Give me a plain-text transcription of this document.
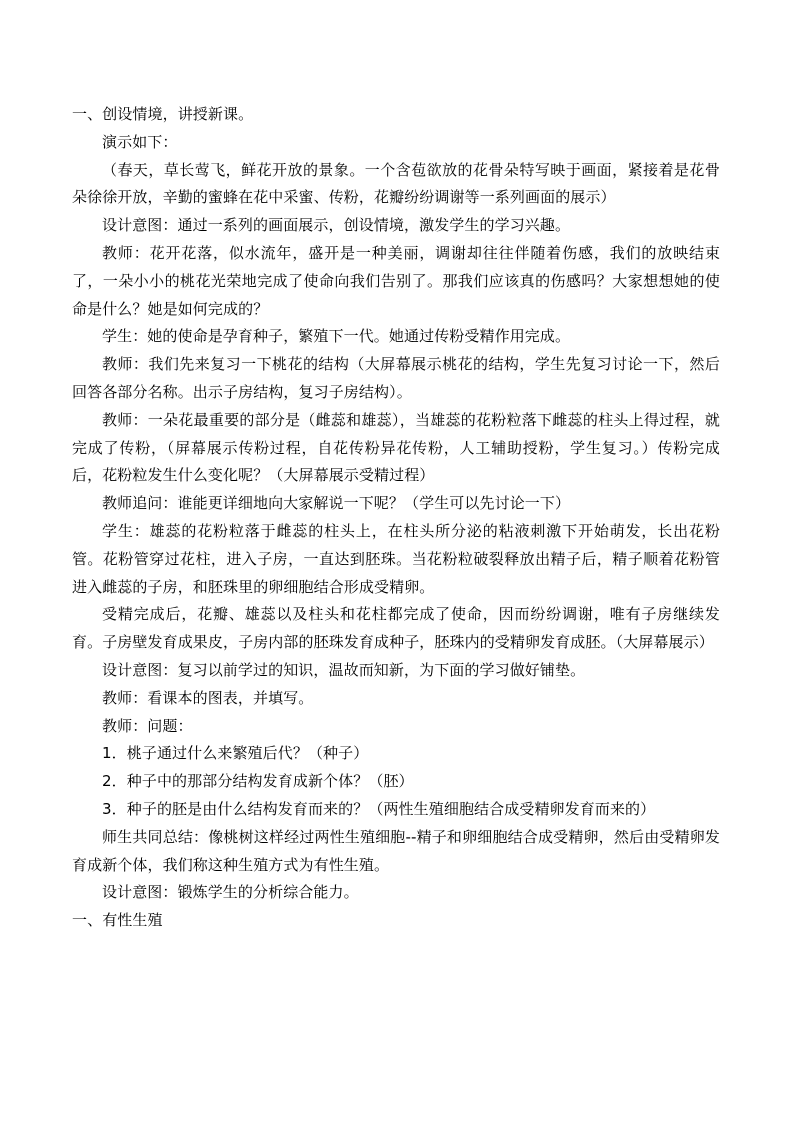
一、创设情境，讲授新课。

演示如下：

（春天，草长莺飞，鲜花开放的景象。一个含苞欲放的花骨朵特写映于画面，紧接着是花骨朵徐徐开放，辛勤的蜜蜂在花中采蜜、传粉，花瓣纷纷调谢等一系列画面的展示）

设计意图：通过一系列的画面展示，创设情境，激发学生的学习兴趣。

教师：花开花落，似水流年，盛开是一种美丽，调谢却往往伴随着伤感，我们的放映结束了，一朵小小的桃花光荣地完成了使命向我们告别了。那我们应该真的伤感吗？大家想想她的使命是什么？她是如何完成的？

学生：她的使命是孕育种子，繁殖下一代。她通过传粉受精作用完成。

教师：我们先来复习一下桃花的结构（大屏幕展示桃花的结构，学生先复习讨论一下，然后回答各部分名称。出示子房结构，复习子房结构）。

教师：一朵花最重要的部分是（雌蕊和雄蕊），当雄蕊的花粉粒落下雌蕊的柱头上得过程，就完成了传粉，（屏幕展示传粉过程，自花传粉异花传粉，人工辅助授粉，学生复习。）传粉完成后，花粉粒发生什么变化呢？（大屏幕展示受精过程）

教师追问：谁能更详细地向大家解说一下呢？（学生可以先讨论一下）

学生：雄蕊的花粉粒落于雌蕊的柱头上，在柱头所分泌的粘液刺激下开始萌发，长出花粉管。花粉管穿过花柱，进入子房，一直达到胚珠。当花粉粒破裂释放出精子后，精子顺着花粉管进入雌蕊的子房，和胚珠里的卵细胞结合形成受精卵。

受精完成后，花瓣、雄蕊以及柱头和花柱都完成了使命，因而纷纷调谢，唯有子房继续发育。子房壁发育成果皮，子房内部的胚珠发育成种子，胚珠内的受精卵发育成胚。（大屏幕展示）

设计意图：复习以前学过的知识，温故而知新，为下面的学习做好铺垫。

教师：看课本的图表，并填写。

教师：问题：

1．桃子通过什么来繁殖后代？（种子）

2．种子中的那部分结构发育成新个体？（胚）

3．种子的胚是由什么结构发育而来的？（两性生殖细胞结合成受精卵发育而来的）

师生共同总结：像桃树这样经过两性生殖细胞--精子和卵细胞结合成受精卵，然后由受精卵发育成新个体，我们称这种生殖方式为有性生殖。

设计意图：锻炼学生的分析综合能力。

一、有性生殖
